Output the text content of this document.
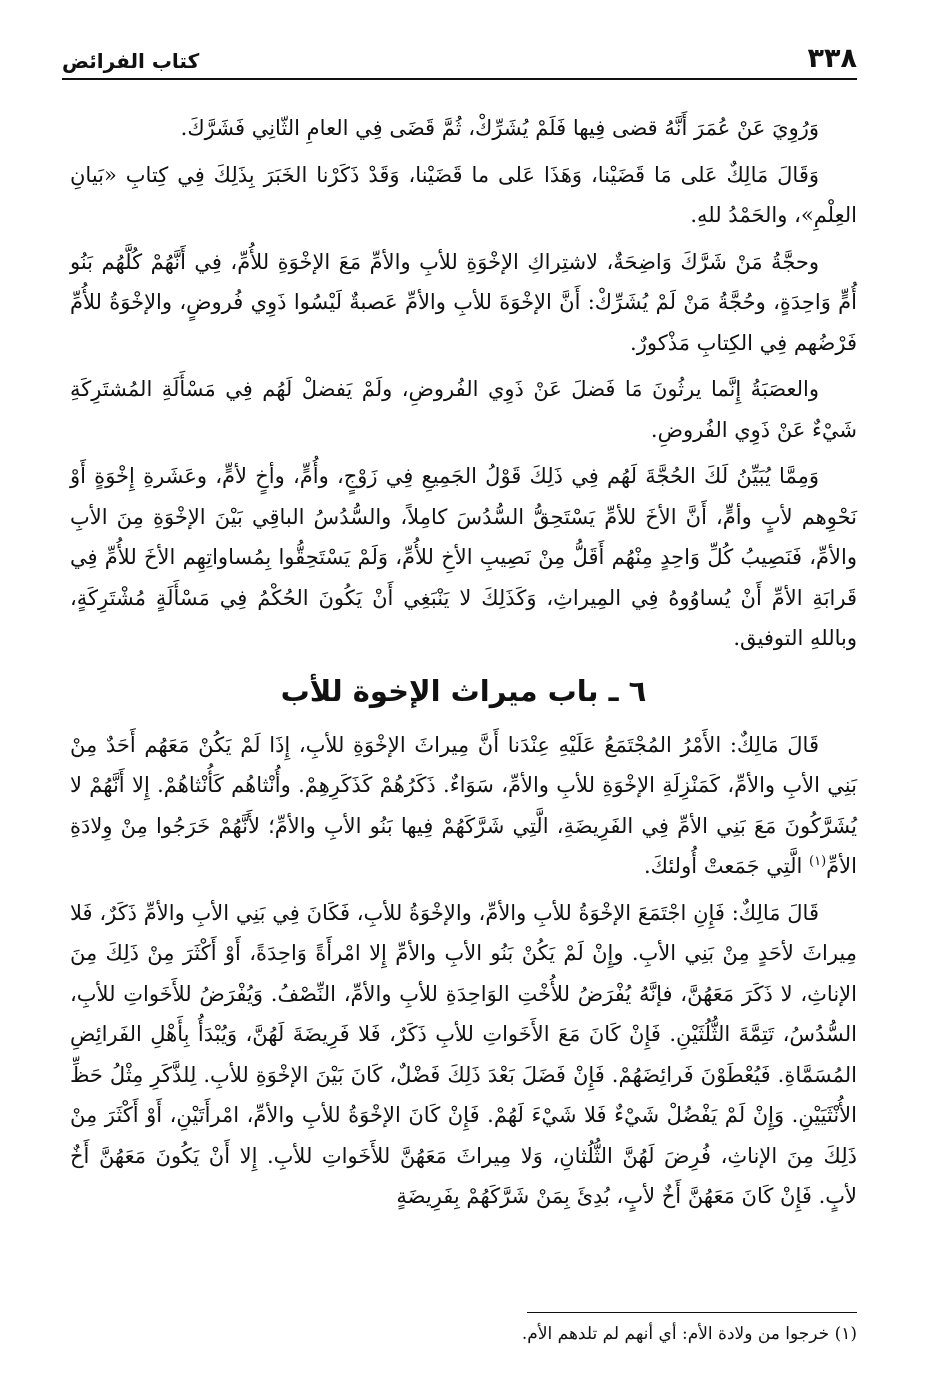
٣٣٨
كتاب الفرائض

وَرُوِيَ عَنْ عُمَرَ أَنَّهُ قضى فِيها فَلَمْ يُشَرِّكْ، ثُمَّ قَضَى فِي العامِ الثّانِي فَشَرَّكَ.

وَقَالَ مَالِكٌ عَلى مَا قَضَيْنا، وَهَذَا عَلى ما قَضَيْنا، وَقَدْ ذَكَرْنا الخَبَرَ بِذَلِكَ فِي كِتابِ «بَيانِ العِلْمِ»، والحَمْدُ للهِ.

وحجَّةُ مَنْ شَرَّكَ وَاضِحَةٌ، لاشتِراكِ الإخْوَةِ للأبِ والأمِّ مَعَ الإخْوَةِ للأُمِّ، فِي أَنَّهُمْ كُلَّهُم بَنُو أُمٍّ وَاحِدَةٍ، وحُجَّةُ مَنْ لَمْ يُشَرِّكْ: أَنَّ الإخْوَةَ للأبِ والأمِّ عَصبةٌ لَيْسُوا ذَوِي فُروضٍ، والإخْوَةُ للأُمِّ فَرْضُهم فِي الكِتابِ مَذْكورٌ.

والعصَبَةُ إِنَّما يرثُونَ مَا فَضلَ عَنْ ذَوِي الفُروضِ، ولَمْ يَفضلْ لَهُم فِي مَسْأَلَةِ المُشتَرِكَةِ شَيْءٌ عَنْ ذَوِي الفُروضِ.

وَمِمَّا يُبَيِّنُ لَكَ الحُجَّةَ لَهُم فِي ذَلِكَ قَوْلُ الجَمِيعِ فِي زَوْجٍ، وأُمٍّ، وأخٍ لأمٍّ، وعَشَرةِ إِخْوَةٍ أَوْ نَحْوِهم لأبٍ وأمٍّ، أَنَّ الأخَ للأمِّ يَسْتَحِقُّ السُّدُسَ كامِلاً، والسُّدُسُ الباقِي بَيْنَ الإخْوَةِ مِنَ الأبِ والأمِّ، فَنَصِيبُ كُلِّ وَاحِدٍ مِنْهُم أَقَلُّ مِنْ نَصِيبِ الأخِ للأُمِّ، وَلَمْ يَسْتَحِقُّوا بِمُساواتِهِم الأخَ للأُمِّ فِي قَرابَةِ الأمِّ أَنْ يُساوُوهُ فِي المِيراثِ، وَكَذَلِكَ لا يَنْبَغِي أَنْ يَكُونَ الحُكْمُ فِي مَسْأَلَةٍ مُشْتَرِكَةٍ، وباللهِ التوفيق.

٦ ـ باب ميراث الإخوة للأب

قَالَ مَالِكٌ: الأَمْرُ المُجْتَمَعُ عَلَيْهِ عِنْدَنا أَنَّ مِيراثَ الإخْوَةِ للأبِ، إِذَا لَمْ يَكُنْ مَعَهُم أَحَدٌ مِنْ بَنِي الأبِ والأمِّ، كَمَنْزِلَةِ الإخْوَةِ للأبِ والأمِّ، سَوَاءٌ. ذَكَرُهُمْ كَذَكَرِهِمْ. وأُنْثاهُم كَأُنْثاهُمْ. إِلا أَنَّهُمْ لا يُشَرَّكُونَ مَعَ بَنِي الأمِّ فِي الفَرِيضَةِ، الَّتِي شَرَّكَهُمْ فِيها بَنُو الأبِ والأمِّ؛ لأَنَّهُمْ خَرَجُوا مِنْ وِلادَةِ الأمِّ$^{(١)}$ الَّتِي جَمَعتْ أُولئكَ.

قَالَ مَالِكٌ: فَإِنِ اجْتَمَعَ الإخْوَةُ للأبِ والأمِّ، والإخْوَةُ للأبِ، فَكَانَ فِي بَنِي الأبِ والأمِّ ذَكَرٌ، فَلا مِيراثَ لأحَدٍ مِنْ بَنِي الأبِ. وإِنْ لَمْ يَكُنْ بَنُو الأبِ والأمِّ إِلا امْرأَةً وَاحِدَةً، أَوْ أَكْثَرَ مِنْ ذَلِكَ مِنَ الإناثِ، لا ذَكَرَ مَعَهُنَّ، فإنَّهُ يُفْرَضُ للأُخْتِ الوَاحِدَةِ للأبِ والأمِّ، النِّصْفُ. وَيُفْرَضُ للأَخَواتِ للأبِ، السُّدُسُ، تَتِمَّةَ الثُّلُثَيْنِ. فَإِنْ كَانَ مَعَ الأَخَواتِ للأبِ ذَكَرٌ، فَلا فَرِيضَةَ لَهُنَّ، وَيُبْدَأُ بِأَهْلِ الفَرائِضِ المُسَمَّاةِ. فَيُعْطَوْنَ فَرائِضَهُمْ. فَإِنْ فَضَلَ بَعْدَ ذَلِكَ فَضْلٌ، كَانَ بَيْنَ الإخْوَةِ للأبِ. لِلذَّكَرِ مِثْلُ حَظِّ الأُنْثَيَيْنِ. وَإِنْ لَمْ يَفْضُلْ شَيْءٌ فَلا شَيْءَ لَهُمْ. فَإِنْ كَانَ الإخْوَةُ للأبِ والأمِّ، امْرأَتَيْنِ، أَوْ أَكْثَرَ مِنْ ذَلِكَ مِنَ الإناثِ، فُرِضَ لَهُنَّ الثُّلُثانِ، وَلا مِيراثَ مَعَهُنَّ للأَخَواتِ للأبِ. إِلا أَنْ يَكُونَ مَعَهُنَّ أَخٌ لأبٍ. فَإِنْ كَانَ مَعَهُنَّ أَخٌ لأبٍ، بُدِئَ بِمَنْ شَرَّكَهُمْ بِفَرِيضَةٍ

(١) خرجوا من ولادة الأم: أي أنهم لم تلدهم الأم.
